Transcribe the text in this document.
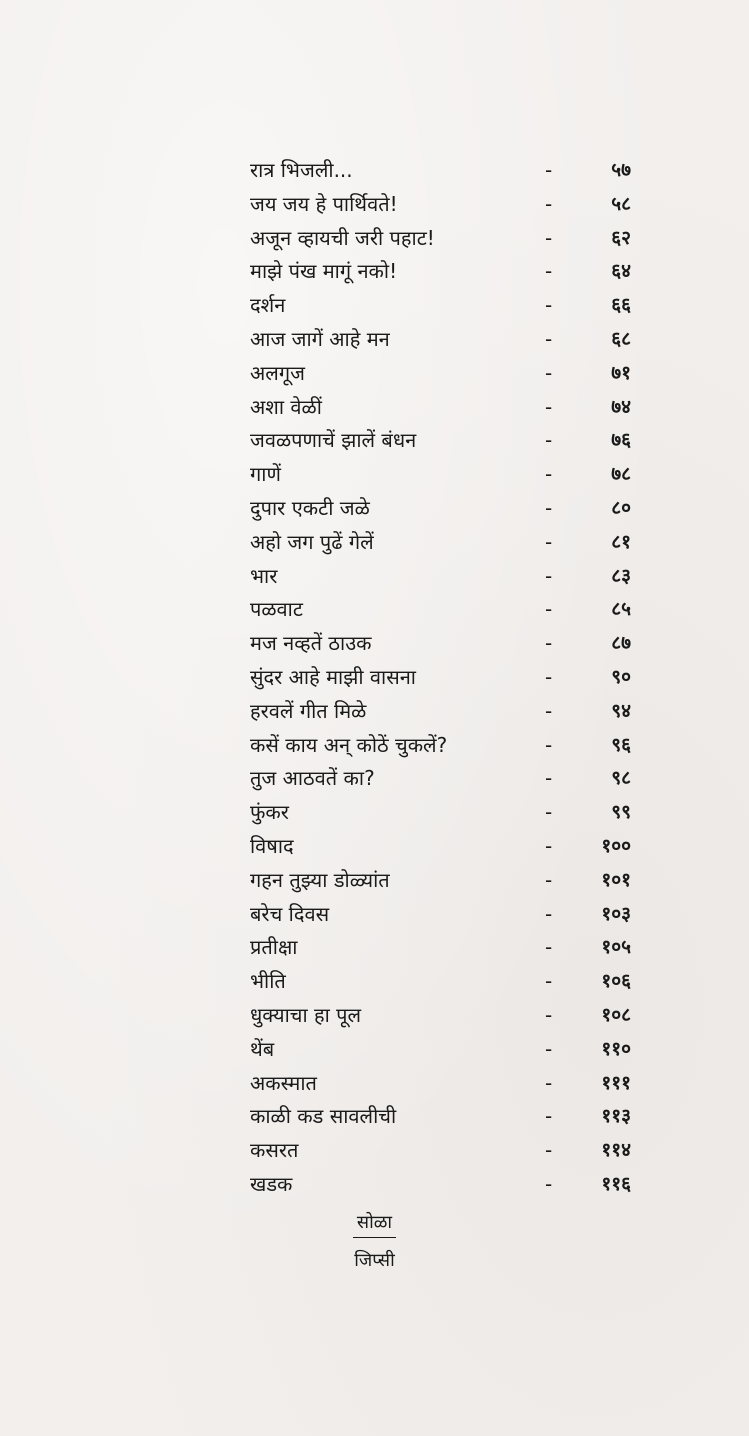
रात्र भिजली...	-	५७
जय जय हे पार्थिवते!	-	५८
अजून व्हायची जरी पहाट!	-	६२
माझे पंख मागूं नको!	-	६४
दर्शन	-	६६
आज जागें आहे मन	-	६८
अलगूज	-	७१
अशा वेळीं	-	७४
जवळपणाचें झालें बंधन	-	७६
गाणें	-	७८
दुपार एकटी जळे	-	८०
अहो जग पुढें गेलें	-	८१
भार	-	८३
पळवाट	-	८५
मज नव्हतें ठाउक	-	८७
सुंदर आहे माझी वासना	-	९०
हरवलें गीत मिळे	-	९४
कसें काय अन् कोठें चुकलें?	-	९६
तुज आठवतें का?	-	९८
फुंकर	-	९९
विषाद	-	१००
गहन तुझ्या डोळ्यांत	-	१०१
बरेच दिवस	-	१०३
प्रतीक्षा	-	१०५
भीति	-	१०६
धुक्याचा हा पूल	-	१०८
थेंब	-	११०
अकस्मात	-	१११
काळी कड सावलीची	-	११३
कसरत	-	११४
खडक	-	११६
सोळा
जिप्सी
